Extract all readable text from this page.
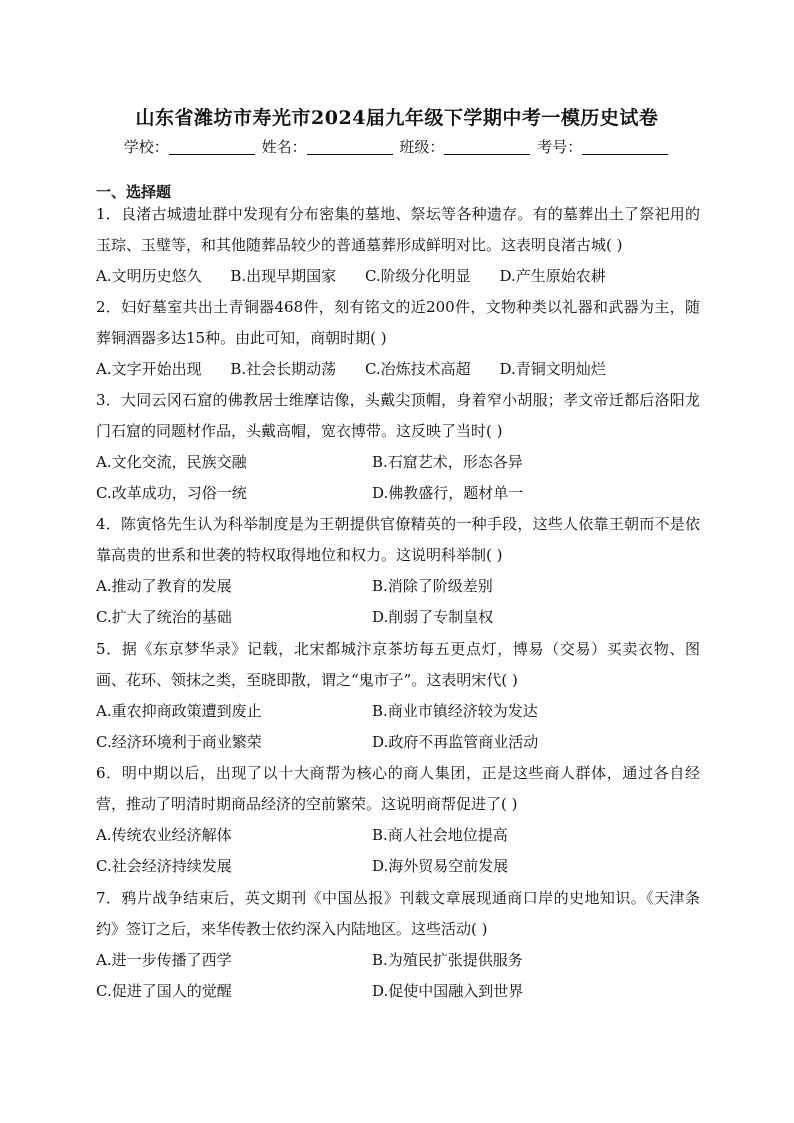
山东省潍坊市寿光市2024届九年级下学期中考一模历史试卷
学校：	姓名：	班级：	考号：
一、选择题
1．良渚古城遗址群中发现有分布密集的墓地、祭坛等各种遗存。有的墓葬出土了祭祀用的玉琮、玉璧等，和其他随葬品较少的普通墓葬形成鲜明对比。这表明良渚古城( )
A.文明历史悠久 B.出现早期国家 C.阶级分化明显 D.产生原始农耕
2．妇好墓室共出土青铜器468件，刻有铭文的近200件，文物种类以礼器和武器为主，随葬铜酒器多达15种。由此可知，商朝时期( )
A.文字开始出现 B.社会长期动荡 C.冶炼技术高超 D.青铜文明灿烂
3．大同云冈石窟的佛教居士维摩诘像，头戴尖顶帽，身着窄小胡服；孝文帝迁都后洛阳龙门石窟的同题材作品，头戴高帽，宽衣博带。这反映了当时( )
A.文化交流，民族交融	B.石窟艺术，形态各异
C.改革成功，习俗一统	D.佛教盛行，题材单一
4．陈寅恪先生认为科举制度是为王朝提供官僚精英的一种手段，这些人依靠王朝而不是依靠高贵的世系和世袭的特权取得地位和权力。这说明科举制( )
A.推动了教育的发展	B.消除了阶级差别
C.扩大了统治的基础	D.削弱了专制皇权
5．据《东京梦华录》记载，北宋都城汴京茶坊每五更点灯，博易（交易）买卖衣物、图画、花环、领抹之类，至晓即散，谓之“鬼市子”。这表明宋代( )
A.重农抑商政策遭到废止	B.商业市镇经济较为发达
C.经济环境利于商业繁荣	D.政府不再监管商业活动
6．明中期以后，出现了以十大商帮为核心的商人集团，正是这些商人群体，通过各自经营，推动了明清时期商品经济的空前繁荣。这说明商帮促进了( )
A.传统农业经济解体	B.商人社会地位提高
C.社会经济持续发展	D.海外贸易空前发展
7．鸦片战争结束后，英文期刊《中国丛报》刊载文章展现通商口岸的史地知识。《天津条约》签订之后，来华传教士依约深入内陆地区。这些活动( )
A.进一步传播了西学	B.为殖民扩张提供服务
C.促进了国人的觉醒	D.促使中国融入到世界
